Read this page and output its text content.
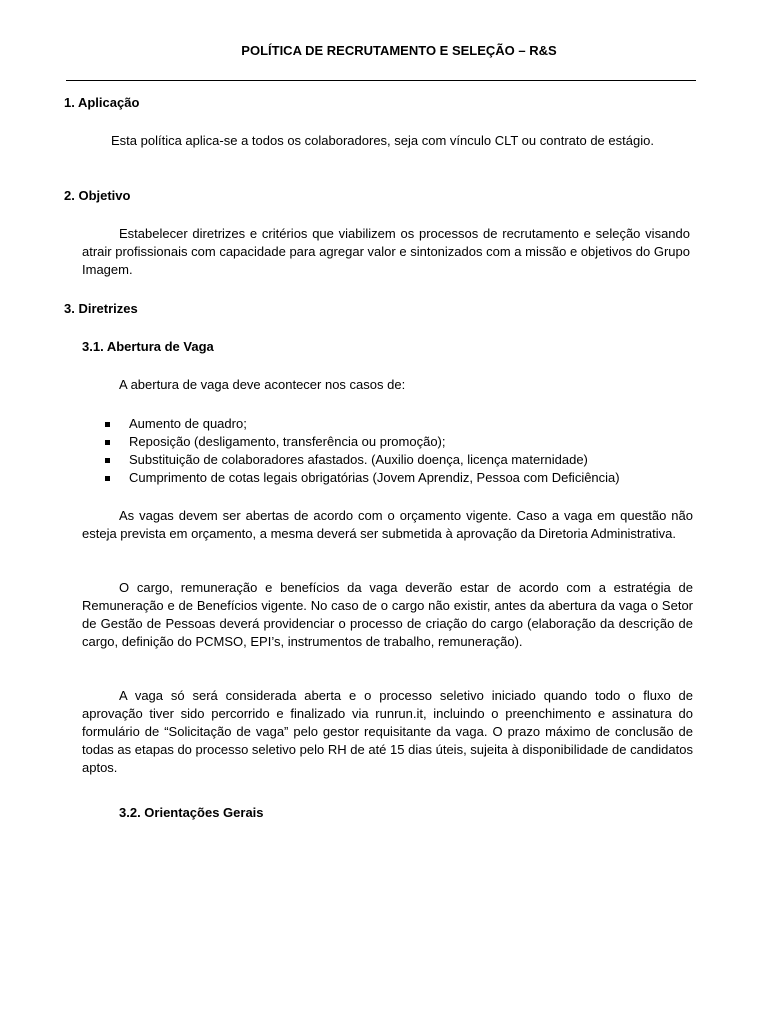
POLÍTICA DE RECRUTAMENTO E SELEÇÃO – R&S
1. Aplicação

Esta política aplica-se a todos os colaboradores, seja com vínculo CLT ou contrato de estágio.

2. Objetivo

Estabelecer diretrizes e critérios que viabilizem os processos de recrutamento e seleção visando atrair profissionais com capacidade para agregar valor e sintonizados com a missão e objetivos do Grupo Imagem.

3. Diretrizes
3.1. Abertura de Vaga

A abertura de vaga deve acontecer nos casos de:

Aumento de quadro;
Reposição (desligamento, transferência ou promoção);
Substituição de colaboradores afastados. (Auxilio doença, licença maternidade)
Cumprimento de cotas legais obrigatórias (Jovem Aprendiz, Pessoa com Deficiência)

As vagas devem ser abertas de acordo com o orçamento vigente. Caso a vaga em questão não esteja prevista em orçamento, a mesma deverá ser submetida à aprovação da Diretoria Administrativa.

O cargo, remuneração e benefícios da vaga deverão estar de acordo com a estratégia de Remuneração e de Benefícios vigente. No caso de o cargo não existir, antes da abertura da vaga o Setor de Gestão de Pessoas deverá providenciar o processo de criação do cargo (elaboração da descrição de cargo, definição do PCMSO, EPI’s, instrumentos de trabalho, remuneração).

A vaga só será considerada aberta e o processo seletivo iniciado quando todo o fluxo de aprovação tiver sido percorrido e finalizado via runrun.it, incluindo o preenchimento e assinatura do formulário de “Solicitação de vaga” pelo gestor requisitante da vaga. O prazo máximo de conclusão de todas as etapas do processo seletivo pelo RH de até 15 dias úteis, sujeita à disponibilidade de candidatos aptos.

3.2. Orientações Gerais
